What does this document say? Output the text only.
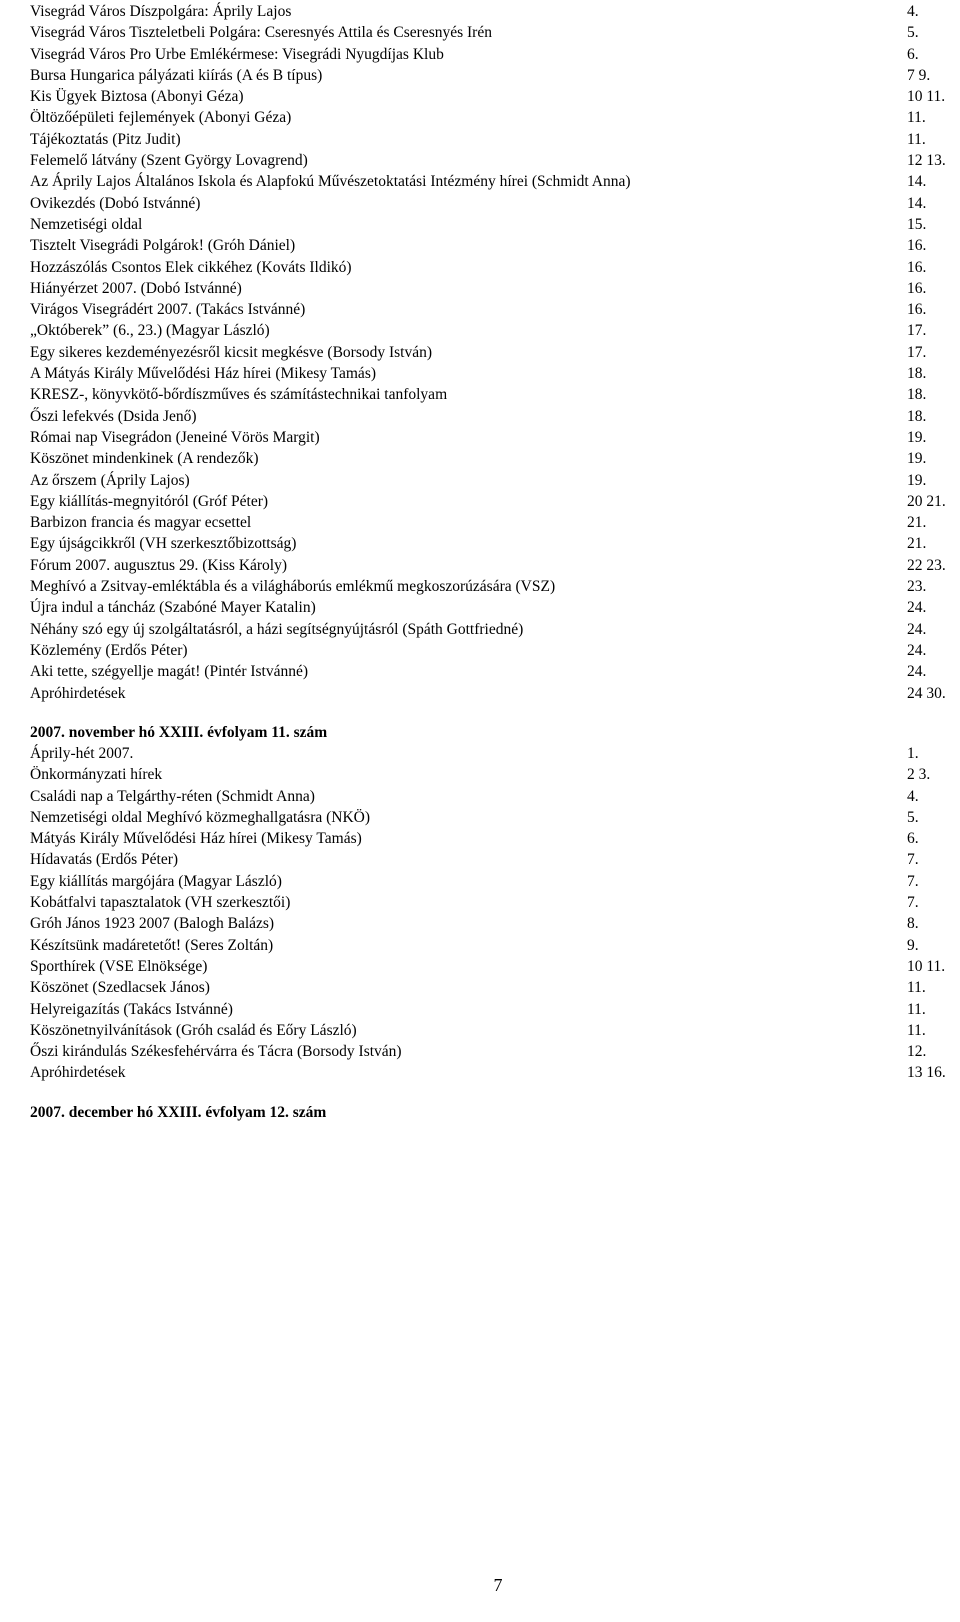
Visegrád Város Díszpolgára: Áprily Lajos	4.
Visegrád Város Tiszteletbeli Polgára: Cseresnyés Attila és Cseresnyés Irén	5.
Visegrád Város Pro Urbe Emlékérmese: Visegrádi Nyugdíjas Klub	6.
Bursa Hungarica pályázati kiírás (A és B típus)	7 9.
Kis Ügyek Biztosa (Abonyi Géza)	10 11.
Öltözőépületi fejlemények (Abonyi Géza)	11.
Tájékoztatás (Pitz Judit)	11.
Felemelő látvány (Szent György Lovagrend)	12 13.
Az Áprily Lajos Általános Iskola és Alapfokú Művészetoktatási Intézmény hírei (Schmidt Anna)	14.
Ovikezdés (Dobó Istvánné)	14.
Nemzetiségi oldal	15.
Tisztelt Visegrádi Polgárok! (Gróh Dániel)	16.
Hozzászólás Csontos Elek cikkéhez (Kováts Ildikó)	16.
Hiányérzet 2007. (Dobó Istvánné)	16.
Virágos Visegrádért 2007. (Takács Istvánné)	16.
„Októberek” (6., 23.) (Magyar László)	17.
Egy sikeres kezdeményezésről kicsit megkésve (Borsody István)	17.
A Mátyás Király Művelődési Ház hírei (Mikesy Tamás)	18.
KRESZ-, könyvkötő-bőrdíszműves és számítástechnikai tanfolyam	18.
Őszi lefekvés (Dsida Jenő)	18.
Római nap Visegrádon (Jeneiné Vörös Margit)	19.
Köszönet mindenkinek (A rendezők)	19.
Az őrszem (Áprily Lajos)	19.
Egy kiállítás-megnyitóról (Gróf Péter)	20 21.
Barbizon francia és magyar ecsettel	21.
Egy újságcikkről (VH szerkesztőbizottság)	21.
Fórum 2007. augusztus 29. (Kiss Károly)	22 23.
Meghívó a Zsitvay-emléktábla és a világháborús emlékmű megkoszorúzására (VSZ)	23.
Újra indul a táncház (Szabóné Mayer Katalin)	24.
Néhány szó egy új szolgáltatásról, a házi segítségnyújtásról (Spáth Gottfriedné)	24.
Közlemény (Erdős Péter)	24.
Aki tette, szégyellje magát! (Pintér Istvánné)	24.
Apróhirdetések	24 30.
2007. november hó XXIII. évfolyam 11. szám
Áprily-hét 2007.	1.
Önkormányzati hírek	2 3.
Családi nap a Telgárthy-réten (Schmidt Anna)	4.
Nemzetiségi oldal Meghívó közmeghallgatásra (NKÖ)	5.
Mátyás Király Művelődési Ház hírei (Mikesy Tamás)	6.
Hídavatás (Erdős Péter)	7.
Egy kiállítás margójára (Magyar László)	7.
Kobátfalvi tapasztalatok (VH szerkesztői)	7.
Gróh János 1923 2007 (Balogh Balázs)	8.
Készítsünk madáretetőt! (Seres Zoltán)	9.
Sporthírek (VSE Elnöksége)	10 11.
Köszönet (Szedlacsek János)	11.
Helyreigazítás (Takács Istvánné)	11.
Köszönetnyilvánítások (Gróh család és Eőry László)	11.
Őszi kirándulás Székesfehérvárra és Tácra (Borsody István)	12.
Apróhirdetések	13 16.
2007. december hó XXIII. évfolyam 12. szám
7
